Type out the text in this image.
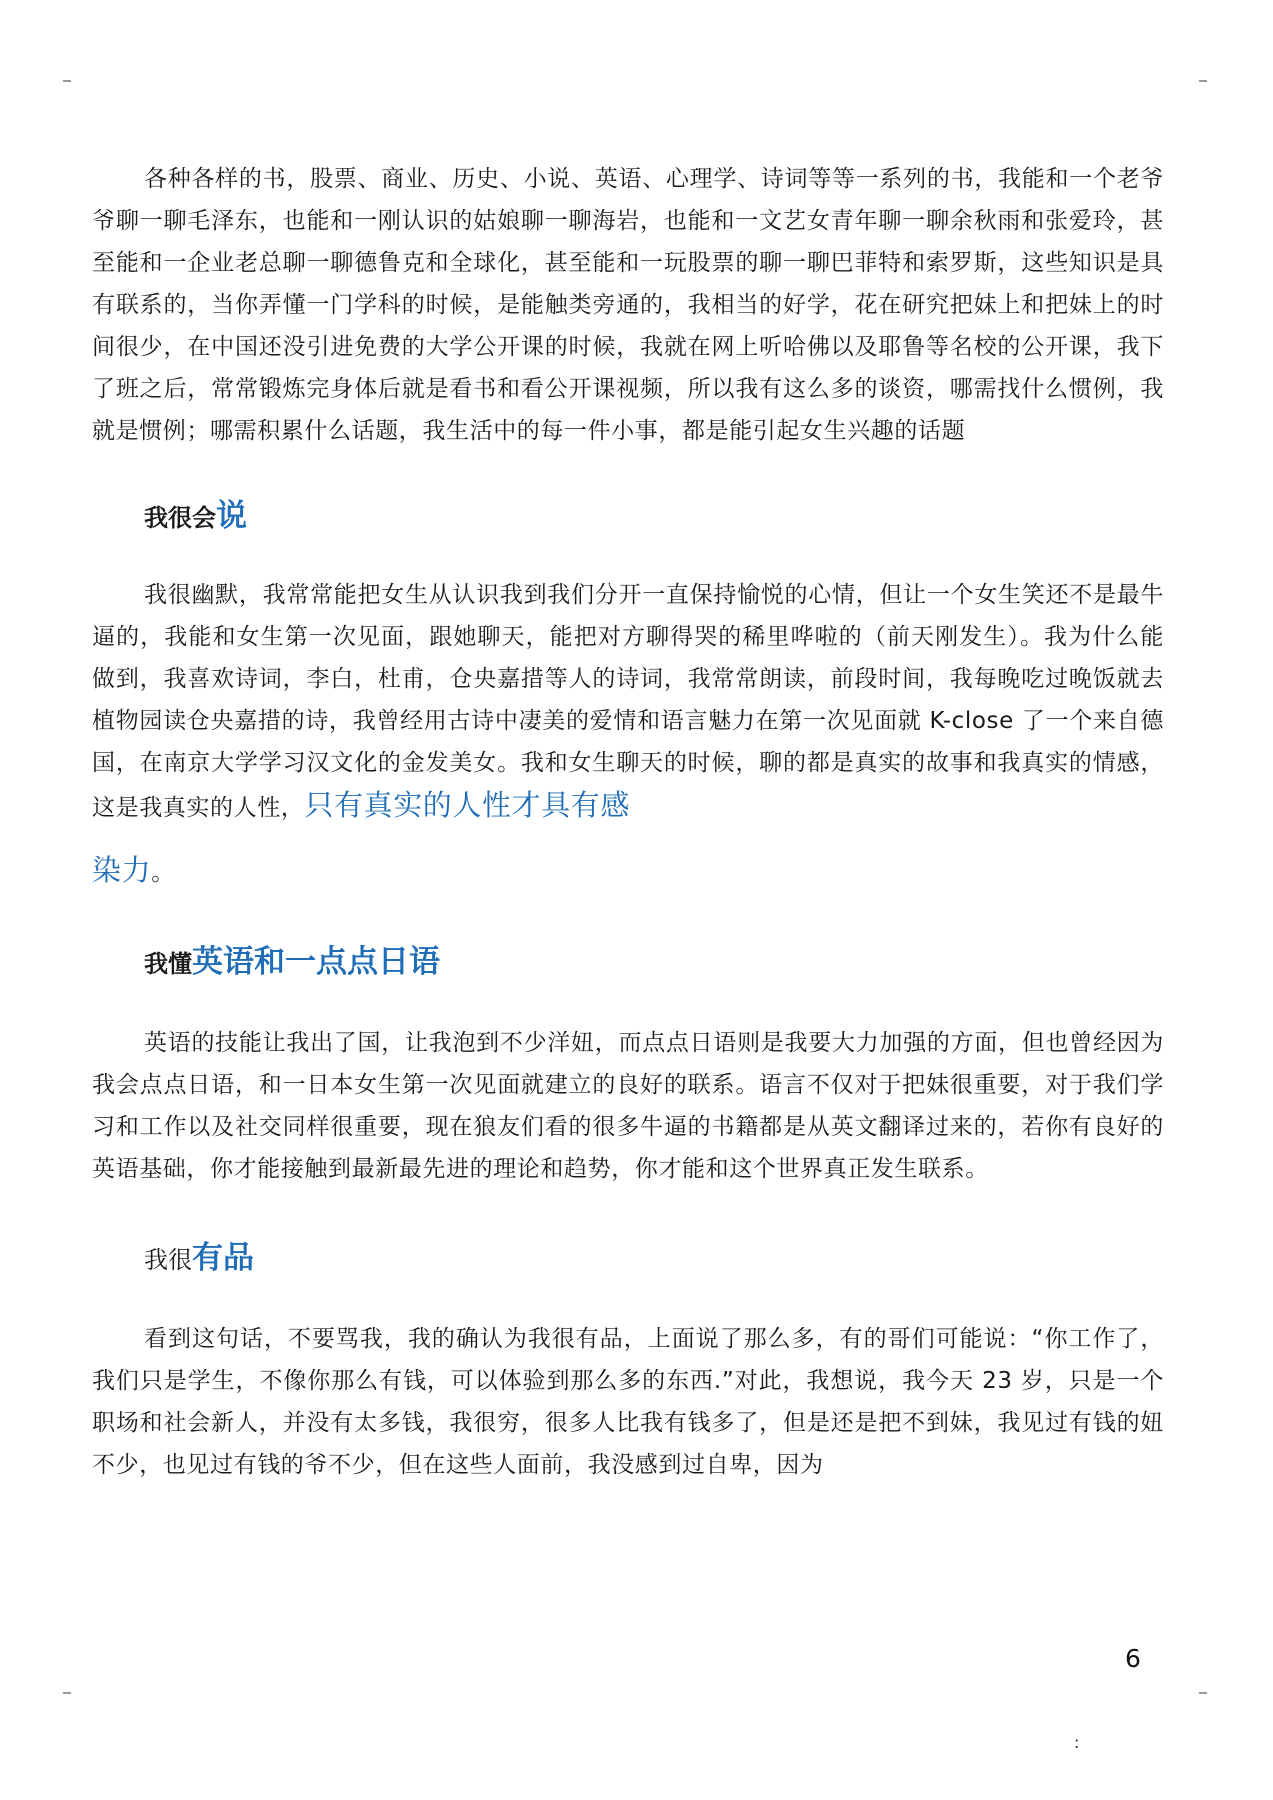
各种各样的书，股票、商业、历史、小说、英语、心理学、诗词等等一系列的书，我能和一个老爷爷聊一聊毛泽东，也能和一刚认识的姑娘聊一聊海岩，也能和一文艺女青年聊一聊余秋雨和张爱玲，甚至能和一企业老总聊一聊德鲁克和全球化，甚至能和一玩股票的聊一聊巴菲特和索罗斯，这些知识是具有联系的，当你弄懂一门学科的时候，是能触类旁通的，我相当的好学，花在研究把妹上和把妹上的时间很少，在中国还没引进免费的大学公开课的时候，我就在网上听哈佛以及耶鲁等名校的公开课，我下了班之后，常常锻炼完身体后就是看书和看公开课视频，所以我有这么多的谈资，哪需找什么惯例，我就是惯例；哪需积累什么话题，我生活中的每一件小事，都是能引起女生兴趣的话题

我很会 说

我很幽默，我常常能把女生从认识我到我们分开一直保持愉悦的心情，但让一个女生笑还不是最牛逼的，我能和女生第一次见面，跟她聊天，能把对方聊得哭的稀里哗啦的（前天刚发生）。我为什么能做到，我喜欢诗词，李白，杜甫，仓央嘉措等人的诗词，我常常朗读，前段时间，我每晚吃过晚饭就去植物园读仓央嘉措的诗，我曾经用古诗中凄美的爱情和语言魅力在第一次见面就 K-close 了一个来自德国，在南京大学学习汉文化的金发美女。我和女生聊天的时候，聊的都是真实的故事和我真实的情感，这是我真实的人性，只有真实的人性才具有感
染力。

我懂 英语和一点点日语

英语的技能让我出了国，让我泡到不少洋妞，而点点日语则是我要大力加强的方面，但也曾经因为我会点点日语，和一日本女生第一次见面就建立的良好的联系。语言不仅对于把妹很重要，对于我们学习和工作以及社交同样很重要，现在狼友们看的很多牛逼的书籍都是从英文翻译过来的，若你有良好的英语基础，你才能接触到最新最先进的理论和趋势，你才能和这个世界真正发生联系。

我很 有品

看到这句话，不要骂我，我的确认为我很有品，上面说了那么多，有的哥们可能说：“你工作了，我们只是学生，不像你那么有钱，可以体验到那么多的东西.”对此，我想说，我今天 23 岁，只是一个职场和社会新人，并没有太多钱，我很穷，很多人比我有钱多了，但是还是把不到妹，我见过有钱的妞不少，也见过有钱的爷不少，但在这些人面前，我没感到过自卑，因为

6
:
